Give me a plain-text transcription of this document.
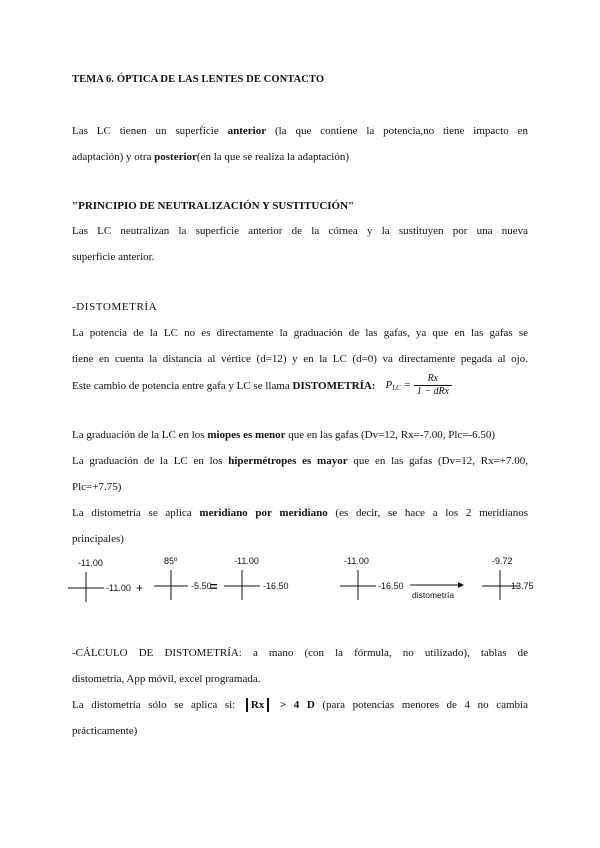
TEMA 6. ÓPTICA DE LAS LENTES DE CONTACTO
Las LC tienen un superficie anterior (la que contiene la potencia,no tiene impacto en
adaptación) y otra posterior(en la que se realiza la adaptación)
"PRINCIPIO DE NEUTRALIZACIÓN Y SUSTITUCIÓN"
Las LC neutralizan la superficie anterior de la córnea y la sustituyen por una nueva
superficie anterior.
-DISTOMETRÍA
La potencia de la LC no es directamente la graduación de las gafas, ya que en las gafas se
tiene en cuenta la distancia al vértice (d=12) y en la LC (d=0) va directamente pegada al ojo.
Este cambio de potencia entre gafa y LC se llama DISTOMETRÍA: $P_{LC} = \frac{Rx}{\text{1 − dRx}}$
La graduación de la LC en los miopes es menor que en las gafas (Dv=12, Rx=-7.00, Plc=-6.50)
La graduación de la LC en los hipermétropes es mayor que en las gafas (Dv=12, Rx=+7.00,
Plc=+7.75)
La distometría se aplica meridiano por meridiano (es decir, se hace a los 2 meridianos
principales)
-11.00
-11.00 +
85º
-5.50
=
-11.00
-16.50
-11.00
-16.50
distometría
-9.72
-13.75
-CÁLCULO DE DISTOMETRÍA: a mano (con la fórmula, no utilizado), tablas de
distometría, App móvil, excel programada.
La distometría sólo se aplica si: Rx > 4 D (para potencias menores de 4 no cambia
prácticamente)
